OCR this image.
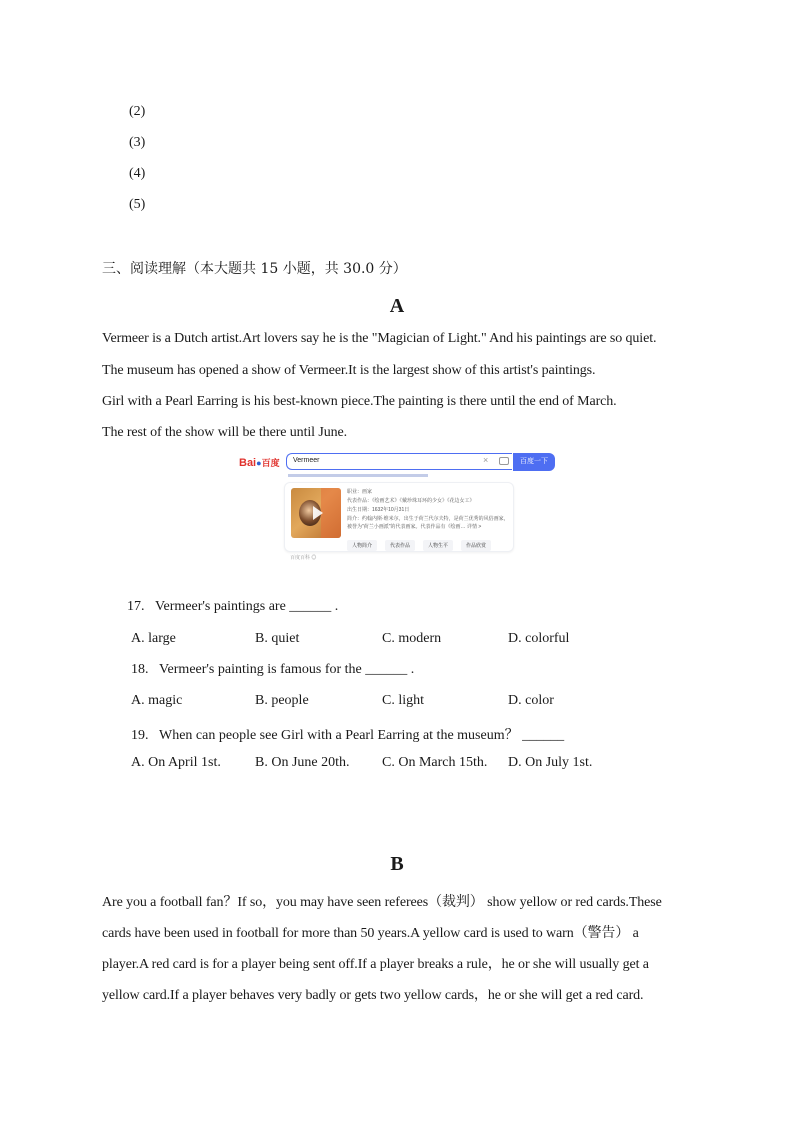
(2)
(3)
(4)
(5)
三、阅读理解（本大题共 15 小题，共 30.0 分）
A
Vermeer is a Dutch artist.Art lovers say he is the "Magician of Light." And his paintings are so quiet.
The museum has opened a show of Vermeer.It is the largest show of this artist's paintings.
Girl with a Pearl Earring is his best-known piece.The painting is there until the end of March.
The rest of the show will be there until June.
Bai●百度	Vermeer	×	百度一下
职业：画家
代表作品：《绘画艺术》《戴珍珠耳环的少女》《花边女工》
出生日期：1632年10月31日
简介：约翰内斯·维米尔，出生于荷兰代尔夫特，是荷兰优秀的风俗画家，
被誉为"荷兰小画派"的代表画家。代表作品有《绘画… 详情 >
人物简介	代表作品	人物生平	作品欣赏
百度百科 ◎
17. Vermeer's paintings are ______ .
A. large	B. quiet	C. modern	D. colorful
18. Vermeer's painting is famous for the ______ .
A. magic	B. people	C. light	D. color
19. When can people see Girl with a Pearl Earring at the museum？ ______
A. On April 1st. B. On June 20th. C. On March 15th. D. On July 1st.
B
Are you a football fan？If so，you may have seen referees（裁判） show yellow or red cards.These
cards have been used in football for more than 50 years.A yellow card is used to warn（警告） a
player.A red card is for a player being sent off.If a player breaks a rule，he or she will usually get a
yellow card.If a player behaves very badly or gets two yellow cards，he or she will get a red card.
